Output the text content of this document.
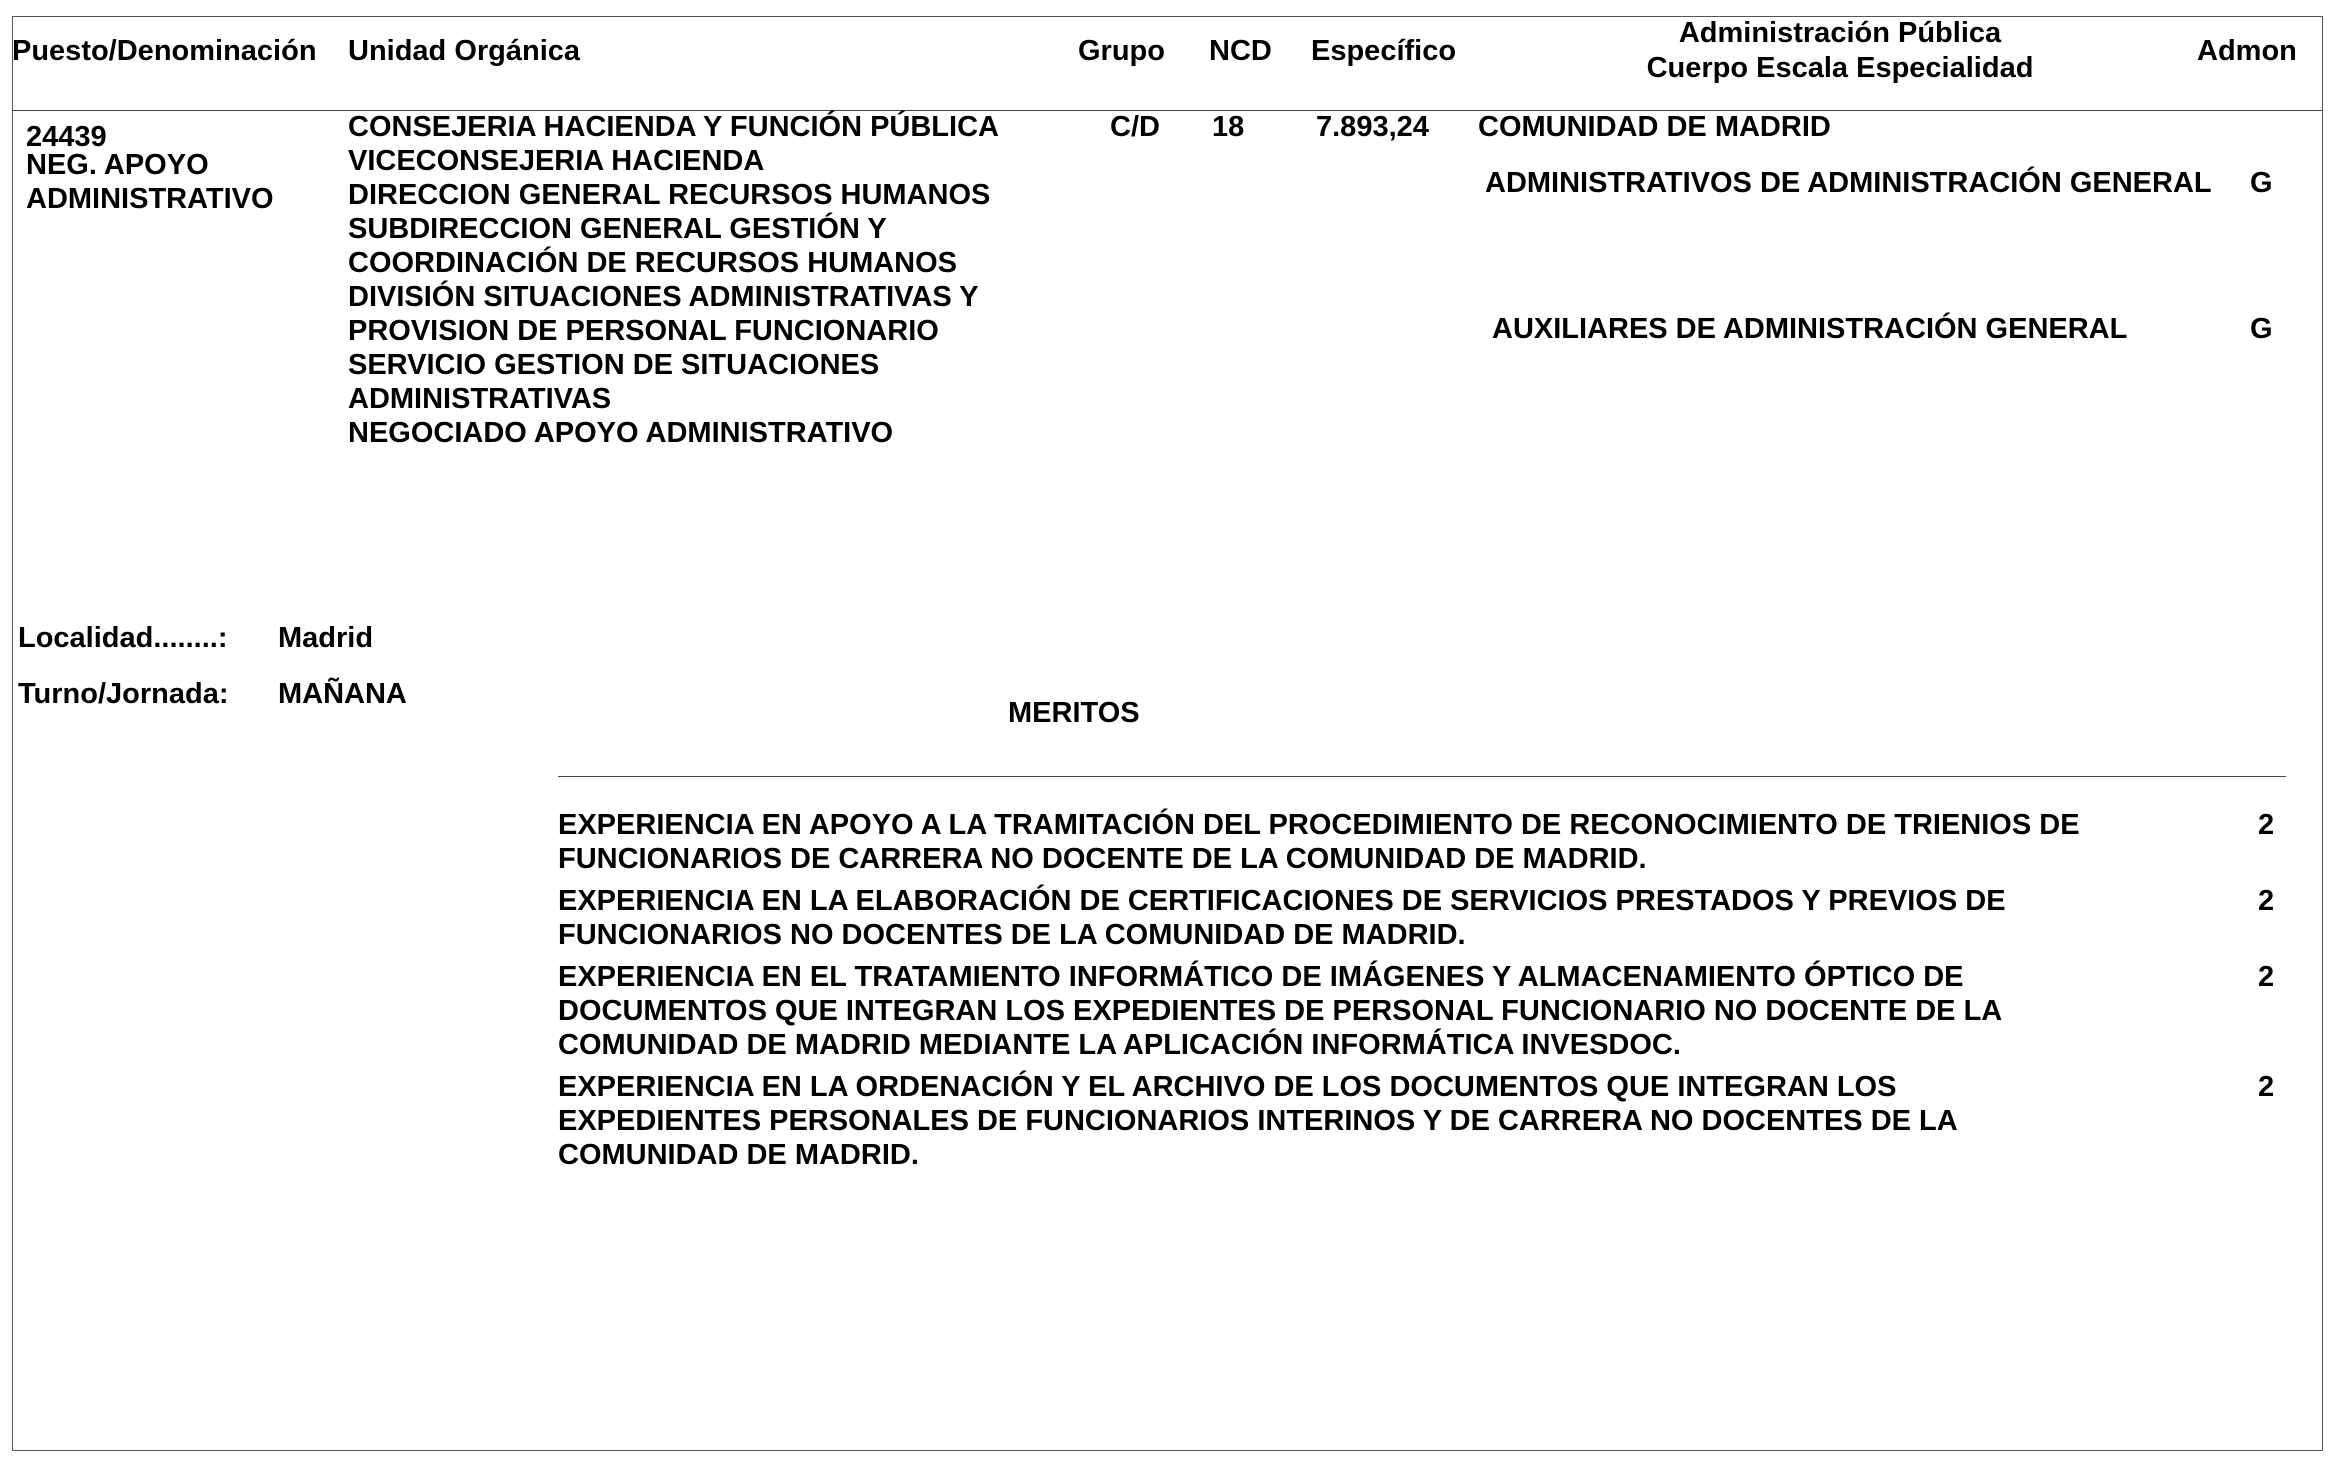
Puesto/Denominación Unidad Orgánica	Grupo NCD Específico
Administración Pública
Cuerpo Escala Especialidad
Admon
24439
NEG. APOYO
ADMINISTRATIVO
CONSEJERIA HACIENDA Y FUNCIÓN PÚBLICA
VICECONSEJERIA HACIENDA
DIRECCION GENERAL RECURSOS HUMANOS
SUBDIRECCION GENERAL GESTIÓN Y
COORDINACIÓN DE RECURSOS HUMANOS
DIVISIÓN SITUACIONES ADMINISTRATIVAS Y
PROVISION DE PERSONAL FUNCIONARIO
SERVICIO GESTION DE SITUACIONES
ADMINISTRATIVAS
NEGOCIADO APOYO ADMINISTRATIVO
C/D 18 7.893,24 COMUNIDAD DE MADRID
ADMINISTRATIVOS DE ADMINISTRACIÓN GENERAL G
AUXILIARES DE ADMINISTRACIÓN GENERAL	G
Localidad........: Madrid
Turno/Jornada: MAÑANA
MERITOS
EXPERIENCIA EN APOYO A LA TRAMITACIÓN DEL PROCEDIMIENTO DE RECONOCIMIENTO DE TRIENIOS DE
FUNCIONARIOS DE CARRERA NO DOCENTE DE LA COMUNIDAD DE MADRID.
2
EXPERIENCIA EN LA ELABORACIÓN DE CERTIFICACIONES DE SERVICIOS PRESTADOS Y PREVIOS DE
FUNCIONARIOS NO DOCENTES DE LA COMUNIDAD DE MADRID.
2
EXPERIENCIA EN EL TRATAMIENTO INFORMÁTICO DE IMÁGENES Y ALMACENAMIENTO ÓPTICO DE
DOCUMENTOS QUE INTEGRAN LOS EXPEDIENTES DE PERSONAL FUNCIONARIO NO DOCENTE DE LA
COMUNIDAD DE MADRID MEDIANTE LA APLICACIÓN INFORMÁTICA INVESDOC.
2
EXPERIENCIA EN LA ORDENACIÓN Y EL ARCHIVO DE LOS DOCUMENTOS QUE INTEGRAN LOS
EXPEDIENTES PERSONALES DE FUNCIONARIOS INTERINOS Y DE CARRERA NO DOCENTES DE LA
COMUNIDAD DE MADRID.
2
